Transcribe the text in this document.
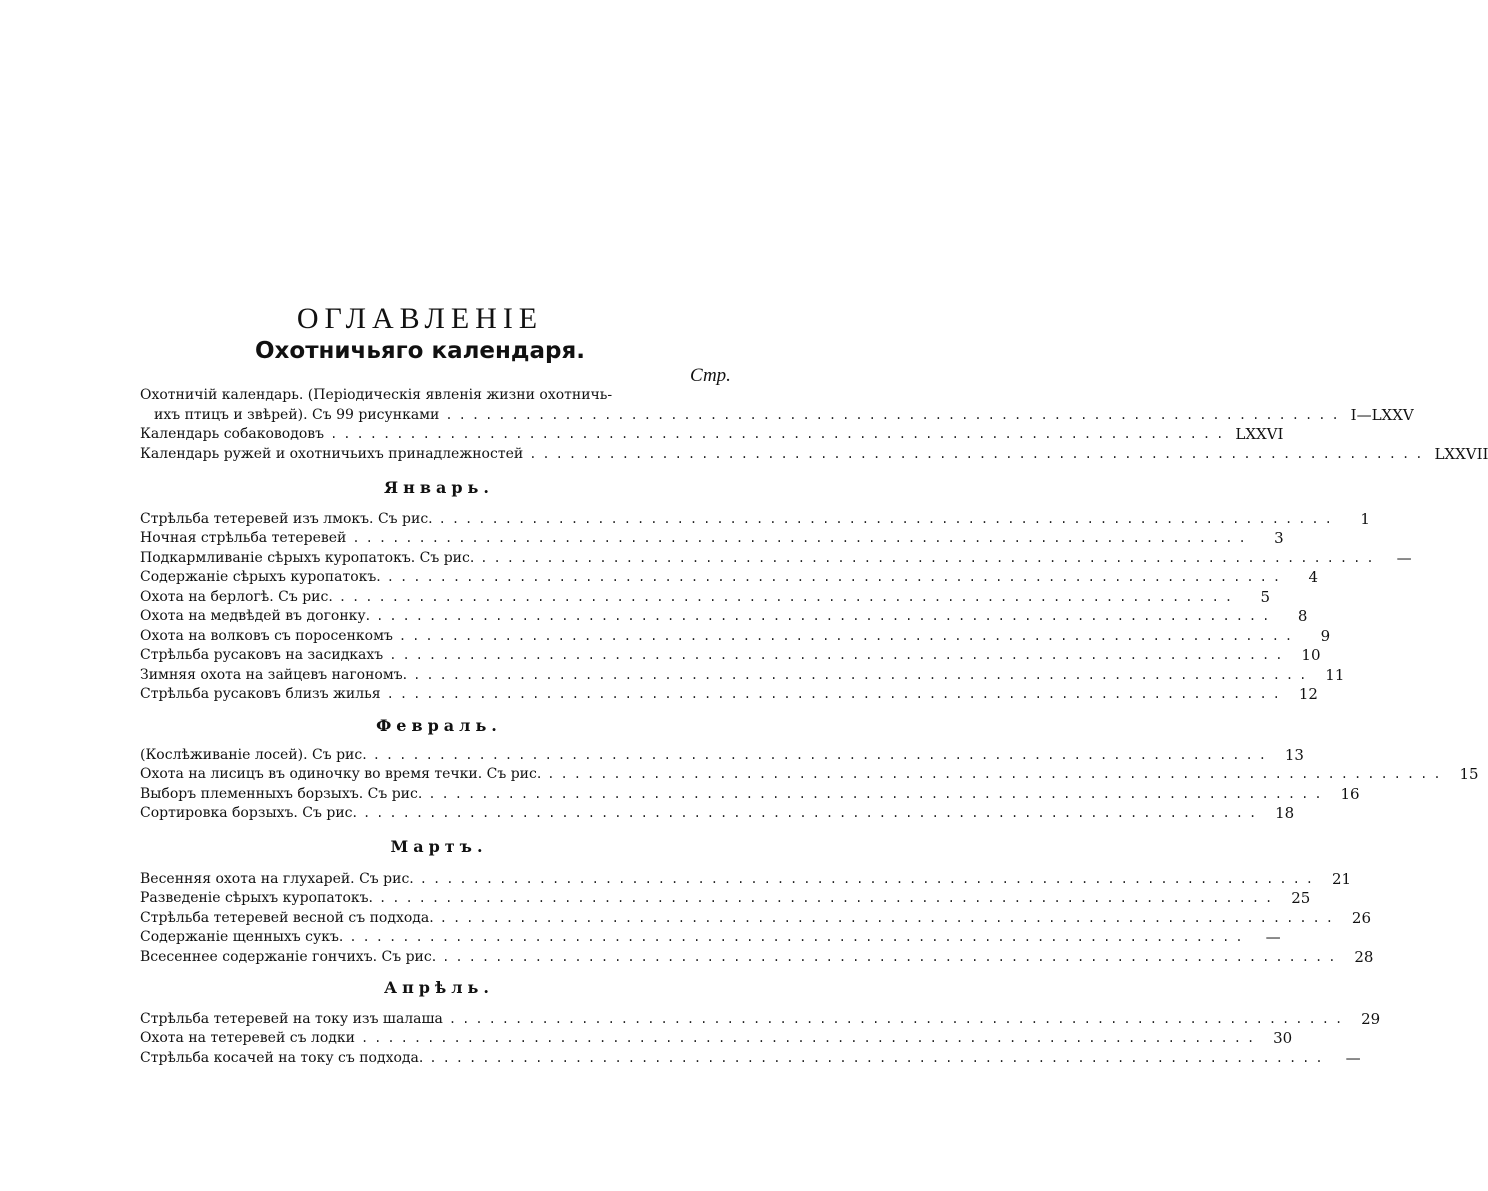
ОГЛАВЛЕНІЕ
Охотничьяго календаря.
Стр.
Охотничій календарь. (Періодическія явленія жизни охотничь-
ихъ птицъ и звѣрей). Съ 99 рисунками .................................................................... I—LXXV
Календарь собаководовъ .................................................................... LXXVI
Календарь ружей и охотничьихъ принадлежностей .................................................................... LXXVII
Январь.
Стрѣльба тетеревей изъ лмокъ. Съ рис. ....................................................................	1
Ночная стрѣльба тетеревей ....................................................................	3
Подкармливаніе сѣрыхъ куропатокъ. Съ рис. ....................................................................	—
Содержаніе сѣрыхъ куропатокъ. ....................................................................	4
Охота на берлогѣ. Съ рис. ....................................................................	5
Охота на медвѣдей въ догонку. ....................................................................	8
Охота на волковъ съ поросенкомъ ....................................................................	9
Стрѣльба русаковъ на засидкахъ .................................................................... 10
Зимняя охота на зайцевъ нагономъ. .................................................................... 11
Стрѣльба русаковъ близъ жилья .................................................................... 12
Февраль.
(Кослѣживаніе лосей). Съ рис. .................................................................... 13
Охота на лисицъ въ одиночку во время течки. Съ рис. .................................................................... 15
Выборъ племенныхъ борзыхъ. Съ рис. .................................................................... 16
Сортировка борзыхъ. Съ рис. .................................................................... 18
Мартъ.
Весенняя охота на глухарей. Съ рис. .................................................................... 21
Разведеніе сѣрыхъ куропатокъ. .................................................................... 25
Стрѣльба тетеревей весной съ подхода. .................................................................... 26
Содержаніе щенныхъ сукъ. ....................................................................	—
Всесеннее содержаніе гончихъ. Съ рис. .................................................................... 28
Апрѣль.
Стрѣльба тетеревей на току изъ шалаша .................................................................... 29
Охота на тетеревей съ лодки .................................................................... 30
Стрѣльба косачей на току съ подхода. ....................................................................	—
